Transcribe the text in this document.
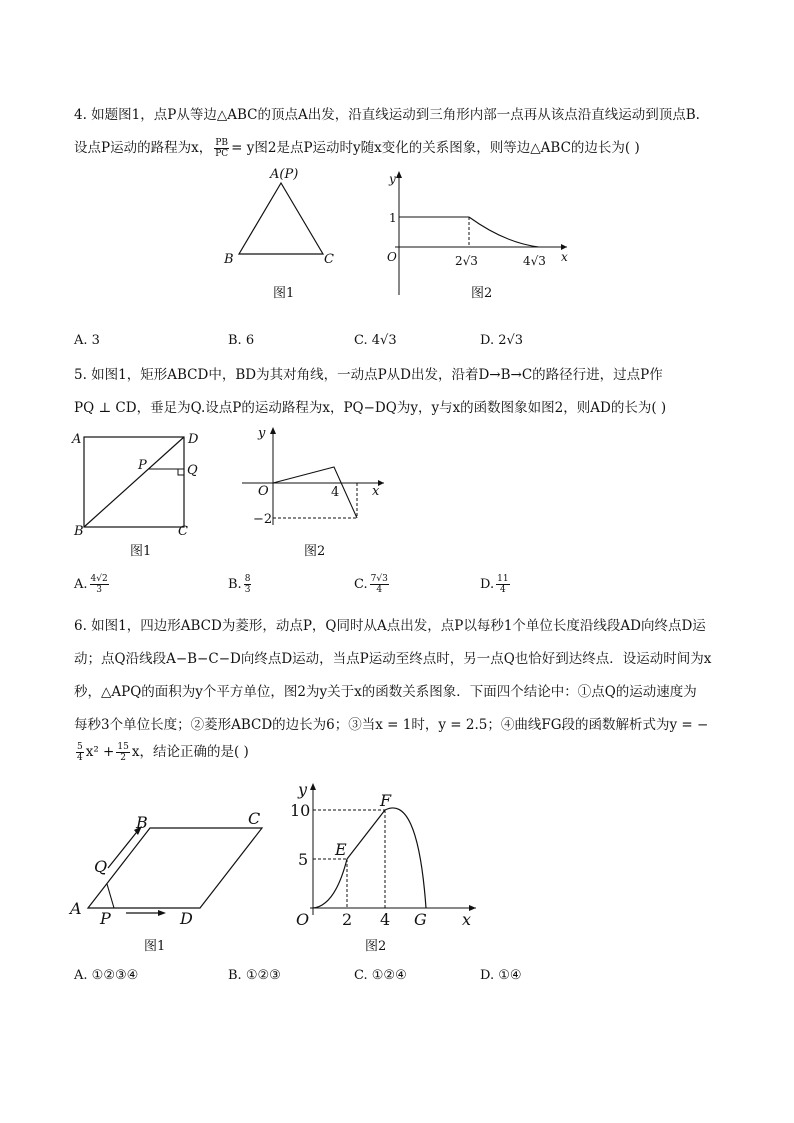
4. 如题图1，点P从等边△ABC的顶点A出发，沿直线运动到三角形内部一点再从该点沿直线运动到顶点B.
设点P运动的路程为x， $\frac{PB}{PC} = y$图2是点P运动时y随x变化的关系图象，则等边△ABC的边长为( )
A(P)
B	C
图1
y
x
O
1
2√3	4√3
图2
A. 3	B. 6	C. 4√3	D. 2√3
5. 如图1，矩形ABCD中，BD为其对角线，一动点P从D出发，沿着D→B→C的路径行进，过点P作
PQ ⊥ CD，垂足为Q.设点P的运动路程为x，PQ−DQ为y，y与x的函数图象如图2，则AD的长为( )
A	D
B	C
P	Q
图1
y
x
O	4
−2
图2
A. $\frac{4√2}{3}$	B. $\frac{8}{3}$	C. $\frac{7√3}{4}$	D. $\frac{11}{4}$
6. 如图1，四边形ABCD为菱形，动点P，Q同时从A点出发，点P以每秒1个单位长度沿线段AD向终点D运
动；点Q沿线段A−B−C−D向终点D运动，当点P运动至终点时，另一点Q也恰好到达终点．设运动时间为x
秒，△APQ的面积为y个平方单位，图2为y关于x的函数关系图象．下面四个结论中：①点Q的运动速度为
每秒3个单位长度；②菱形ABCD的边长为6；③当x = 1时，y = 2.5；④曲线FG段的函数解析式为y = −
$\frac{5}{4} x^2 + \frac{15}{2}$ x，结论正确的是( )
A
B	C
D
Q
P
图1
y
x
O
10
5
2 4 G
E
F
图2
A. ①②③④	B. ①②③	C. ①②④	D. ①④
